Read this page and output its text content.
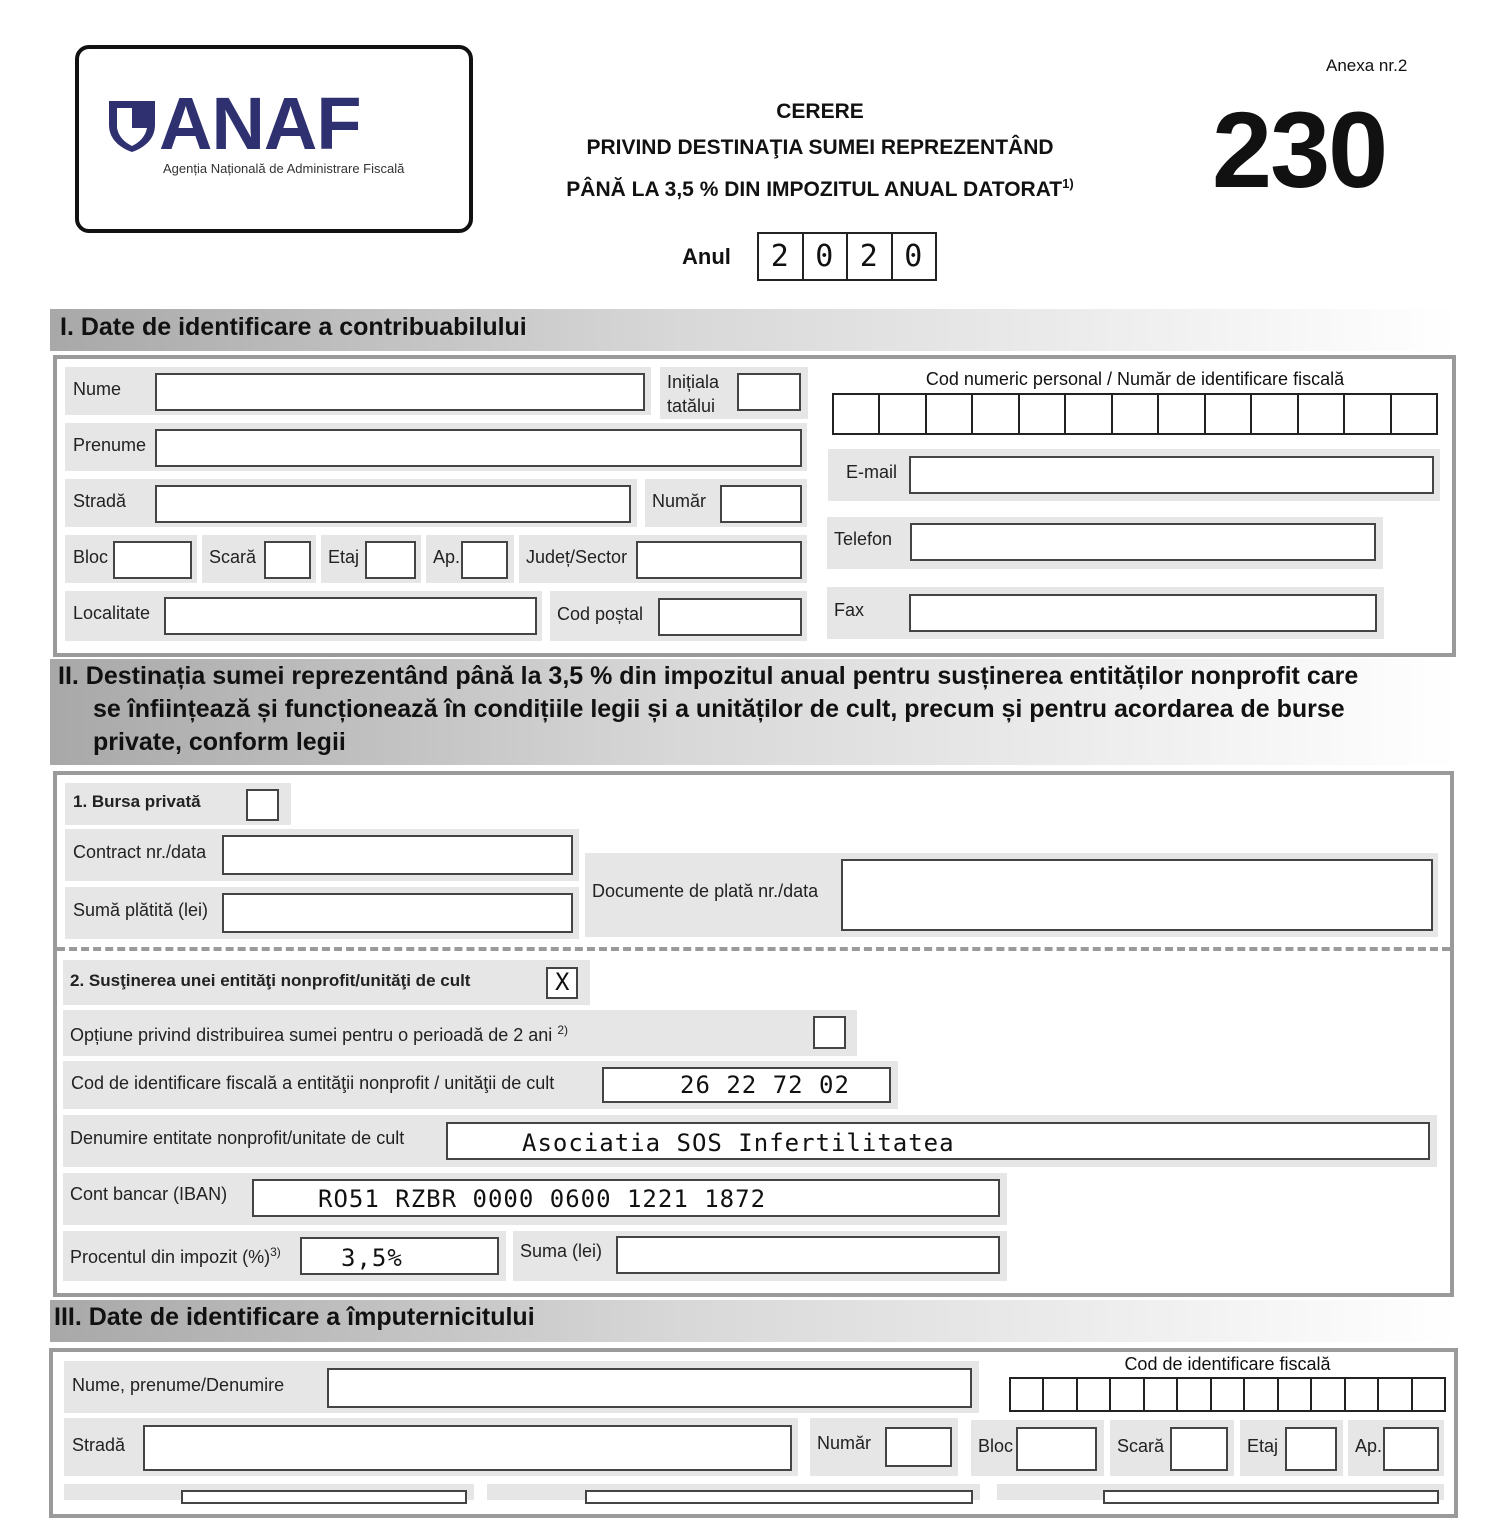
ANAF
Agenția Națională de Administrare Fiscală
CERERE
PRIVIND DESTINAŢIA SUMEI REPREZENTÂND
PÂNĂ LA 3,5 % DIN IMPOZITUL ANUAL DATORAT$^{1)}$
Anexa nr.2
230
Anul	2 0 2 0
I. Date de identificare a contribuabilului
Nume	Inițiala
tatălui
Prenume
Stradă	Număr
Bloc	Scară	Etaj	Ap.	Județ/Sector
Localitate	Cod poștal
Cod numeric personal / Număr de identificare fiscală
E-mail
Telefon
Fax
II. Destinația sumei reprezentând până la 3,5 % din impozitul anual pentru susținerea entităților nonprofit care
se înființează și funcționează în condițiile legii și a unităților de cult, precum și pentru acordarea de burse
private, conform legii
1. Bursa privată
Contract nr./data
Sumă plătită (lei)
Documente de plată nr./data
2. Susţinerea unei entităţi nonprofit/unităţi de cult	X
Opțiune privind distribuirea sumei pentru o perioadă de 2 ani $^{2)}$
Cod de identificare fiscală a entităţii nonprofit / unităţii de cult	26 22 72 02
Denumire entitate nonprofit/unitate de cult	Asociatia SOS Infertilitatea
Cont bancar (IBAN)	RO51 RZBR 0000 0600 1221 1872
Procentul din impozit (%)$^{3)}$	3,5%	Suma (lei)
III. Date de identificare a împuternicitului
Nume, prenume/Denumire
Cod de identificare fiscală
Stradă	Număr	Bloc	Scară	Etaj	Ap.
